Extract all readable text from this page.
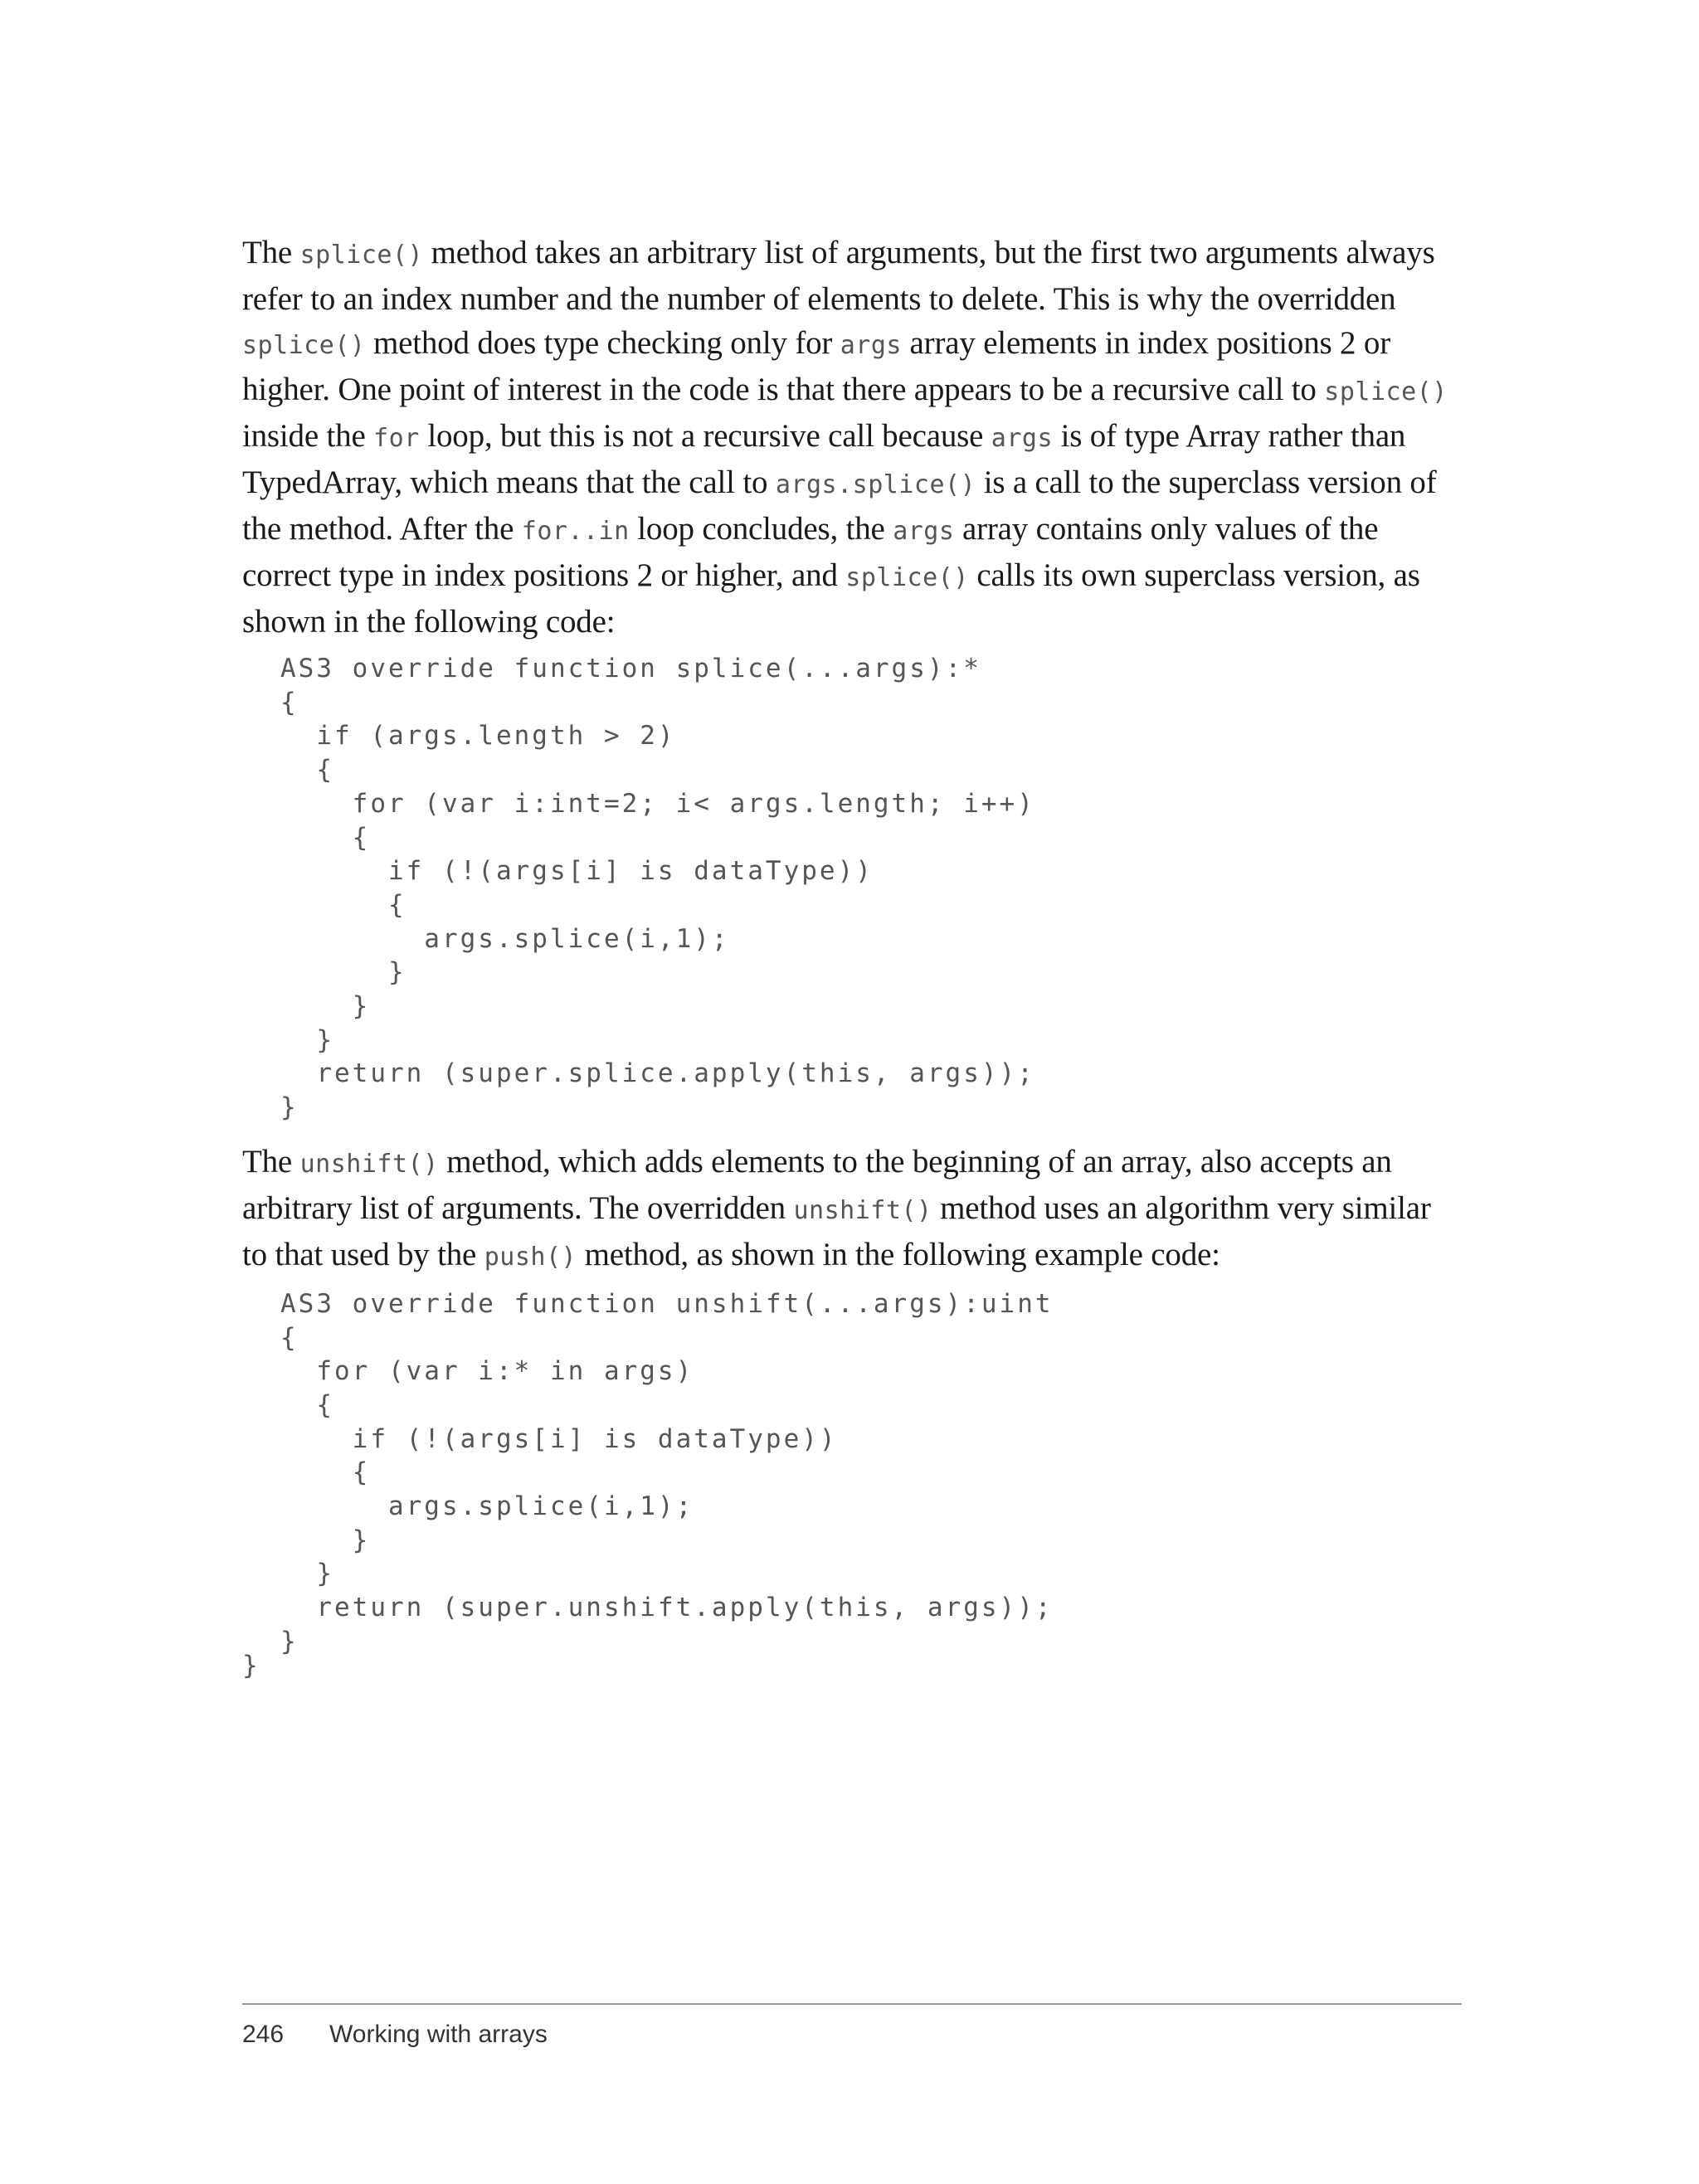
The splice() method takes an arbitrary list of arguments, but the first two arguments always refer to an index number and the number of elements to delete. This is why the overridden splice() method does type checking only for args array elements in index positions 2 or higher. One point of interest in the code is that there appears to be a recursive call to splice() inside the for loop, but this is not a recursive call because args is of type Array rather than TypedArray, which means that the call to args.splice() is a call to the superclass version of the method. After the for..in loop concludes, the args array contains only values of the correct type in index positions 2 or higher, and splice() calls its own superclass version, as shown in the following code:

AS3 override function splice(...args):*
{
if (args.length > 2)
{
for (var i:int=2; i< args.length; i++)
{
if (!(args[i] is dataType))
{
args.splice(i,1);
}
}
}
return (super.splice.apply(this, args));
}

The unshift() method, which adds elements to the beginning of an array, also accepts an arbitrary list of arguments. The overridden unshift() method uses an algorithm very similar to that used by the push() method, as shown in the following example code:

AS3 override function unshift(...args):uint
{
for (var i:* in args)
{
if (!(args[i] is dataType))
{
args.splice(i,1);
}
}
return (super.unshift.apply(this, args));
}
}
246 Working with arrays
